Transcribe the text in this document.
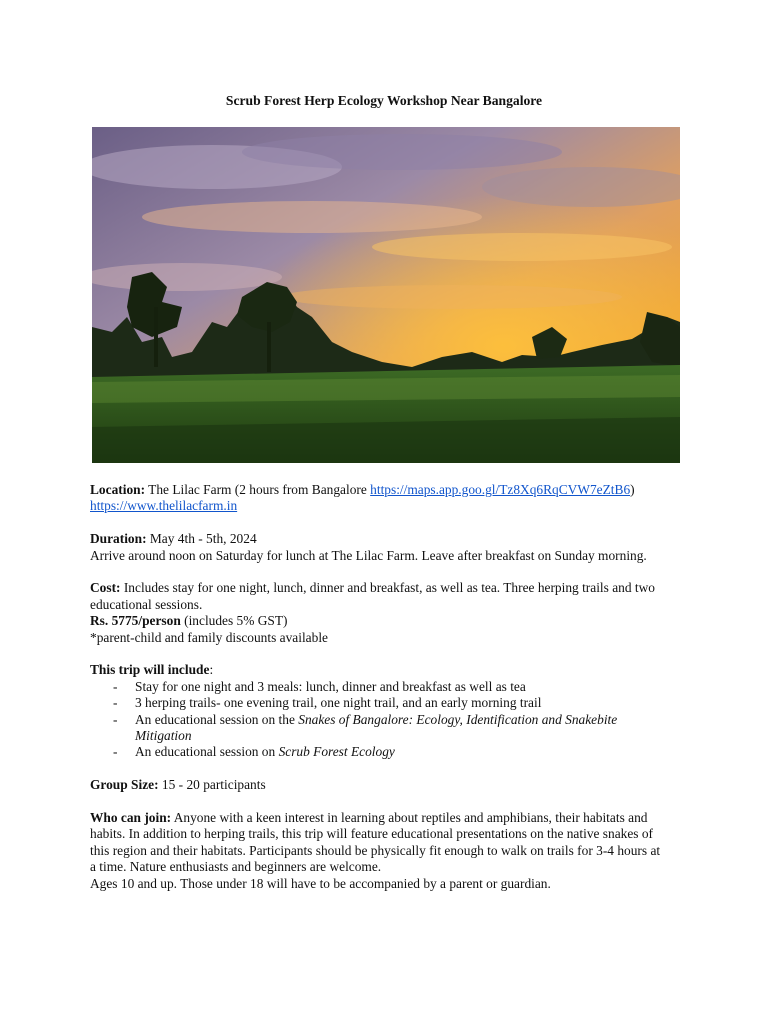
Scrub Forest Herp Ecology Workshop Near Bangalore
Location: The Lilac Farm (2 hours from Bangalore https://maps.app.goo.gl/Tz8Xq6RqCVW7eZtB6)
https://www.thelilacfarm.in
Duration: May 4th - 5th, 2024
Arrive around noon on Saturday for lunch at The Lilac Farm. Leave after breakfast on Sunday morning.
Cost: Includes stay for one night, lunch, dinner and breakfast, as well as tea. Three herping trails and two
educational sessions.
Rs. 5775/person (includes 5% GST)
*parent-child and family discounts available
This trip will include:
- Stay for one night and 3 meals: lunch, dinner and breakfast as well as tea
- 3 herping trails- one evening trail, one night trail, and an early morning trail
- An educational session on the Snakes of Bangalore: Ecology, Identification and Snakebite
Mitigation
- An educational session on Scrub Forest Ecology
Group Size: 15 - 20 participants
Who can join: Anyone with a keen interest in learning about reptiles and amphibians, their habitats and
habits. In addition to herping trails, this trip will feature educational presentations on the native snakes of
this region and their habitats. Participants should be physically fit enough to walk on trails for 3-4 hours at
a time. Nature enthusiasts and beginners are welcome.
Ages 10 and up. Those under 18 will have to be accompanied by a parent or guardian.
